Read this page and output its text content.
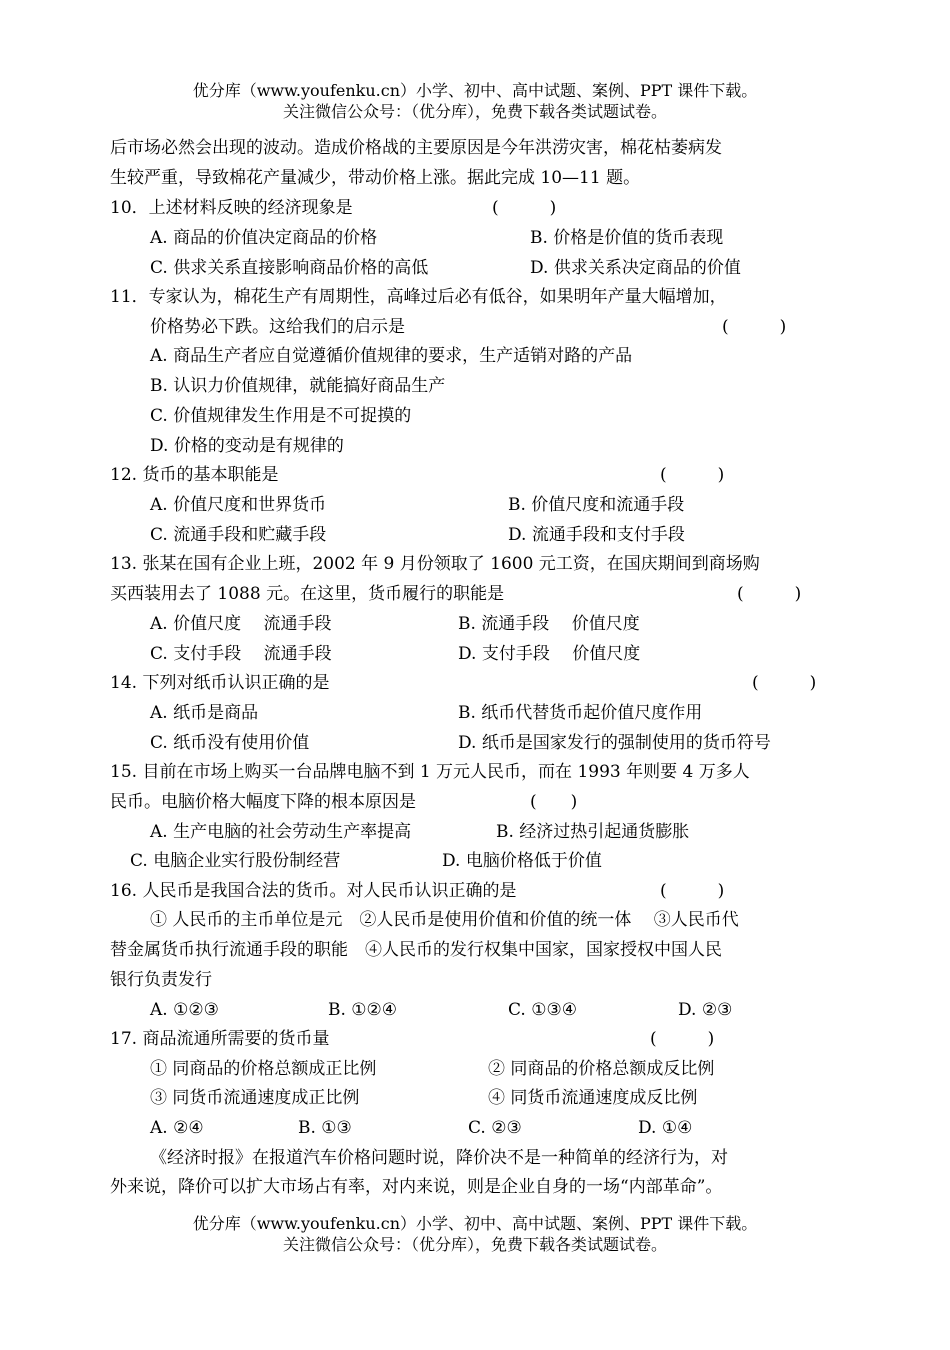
优分库（www.youfenku.cn）小学、初中、高中试题、案例、PPT 课件下载。
关注微信公众号：（优分库），免费下载各类试题试卷。
后市场必然会出现的波动。造成价格战的主要原因是今年洪涝灾害，棉花枯萎病发
生较严重，导致棉花产量减少，带动价格上涨。据此完成 10—11 题。
10．上述材料反映的经济现象是	(　　　)
A. 商品的价值决定商品的价格	B. 价格是价值的货币表现
C. 供求关系直接影响商品价格的高低	D. 供求关系决定商品的价值
11．专家认为，棉花生产有周期性，高峰过后必有低谷，如果明年产量大幅增加，
价格势必下跌。这给我们的启示是	(　　　)
A. 商品生产者应自觉遵循价值规律的要求，生产适销对路的产品
B. 认识力价值规律，就能搞好商品生产
C. 价值规律发生作用是不可捉摸的
D. 价格的变动是有规律的
12. 货币的基本职能是	(　　　)
A. 价值尺度和世界货币	B. 价值尺度和流通手段
C. 流通手段和贮藏手段	D. 流通手段和支付手段
13. 张某在国有企业上班，2002 年 9 月份领取了 1600 元工资，在国庆期间到商场购
买西装用去了 1088 元。在这里，货币履行的职能是	(　　　)
A. 价值尺度　 流通手段	B. 流通手段　 价值尺度
C. 支付手段　 流通手段	D. 支付手段　 价值尺度
14. 下列对纸币认识正确的是	(　　　)
A. 纸币是商品	B. 纸币代替货币起价值尺度作用
C. 纸币没有使用价值	D. 纸币是国家发行的强制使用的货币符号
15. 目前在市场上购买一台品牌电脑不到 1 万元人民币，而在 1993 年则要 4 万多人
民币。电脑价格大幅度下降的根本原因是	(　　)
A. 生产电脑的社会劳动生产率提高	B. 经济过热引起通货膨胀
C. 电脑企业实行股份制经营	D. 电脑价格低于价值
16. 人民币是我国合法的货币。对人民币认识正确的是	(　　　)
① 人民币的主币单位是元　②人民币是使用价值和价值的统一体　 ③人民币代
替金属货币执行流通手段的职能　④人民币的发行权集中国家，国家授权中国人民
银行负责发行
A. ①②③	B. ①②④	C. ①③④	D. ②③
17. 商品流通所需要的货币量	(　　　)
① 同商品的价格总额成正比例	② 同商品的价格总额成反比例
③ 同货币流通速度成正比例	④ 同货币流通速度成反比例
A. ②④	B. ①③	C. ②③	D. ①④
《经济时报》在报道汽车价格问题时说，降价决不是一种简单的经济行为，对
外来说，降价可以扩大市场占有率，对内来说，则是企业自身的一场“内部革命”。
优分库（www.youfenku.cn）小学、初中、高中试题、案例、PPT 课件下载。
关注微信公众号：（优分库），免费下载各类试题试卷。
